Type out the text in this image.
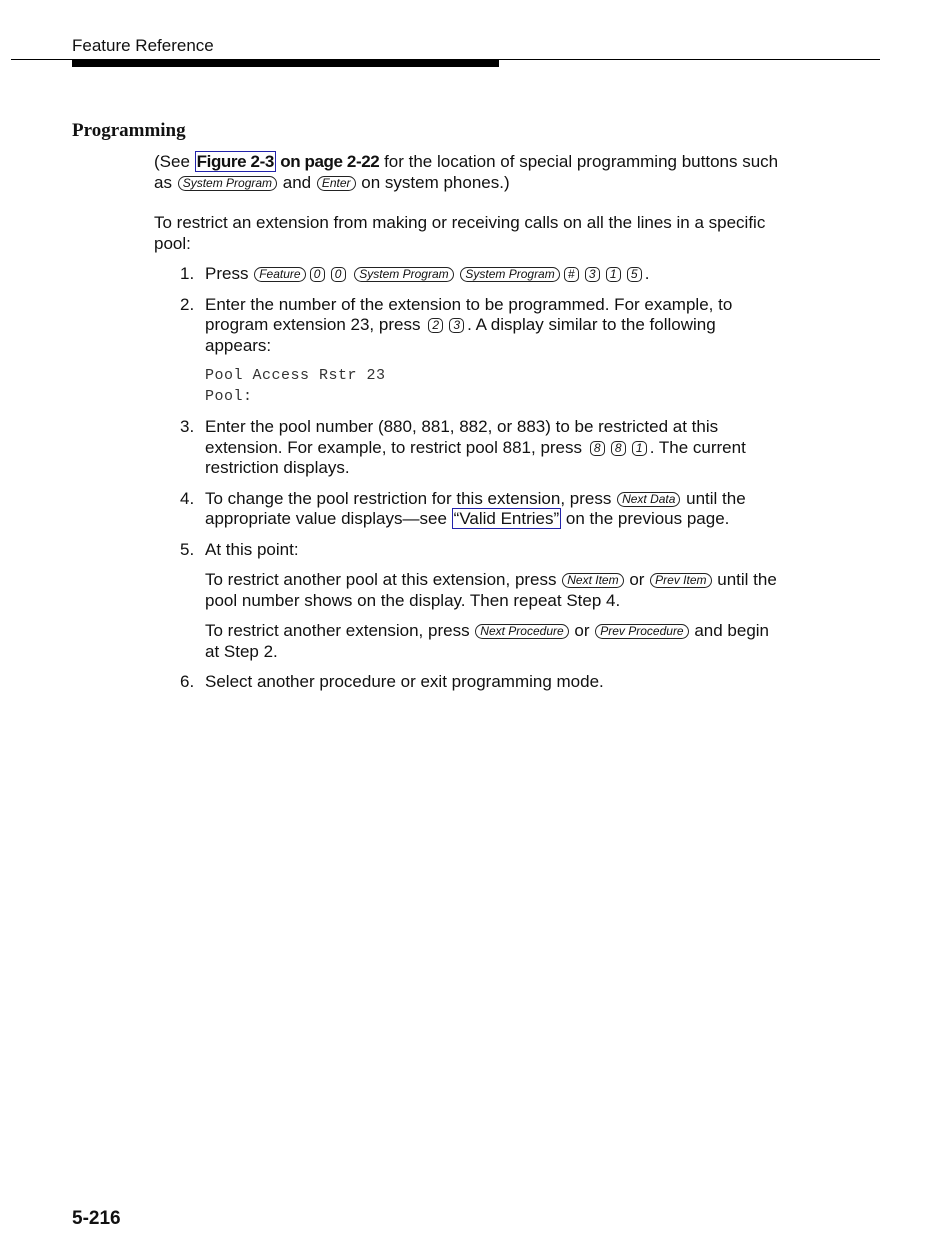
Feature Reference
Programming

(See Figure 2-3 on page 2-22 for the location of special programming buttons such as System Program and Enter on system phones.)

To restrict an extension from making or receiving calls on all the lines in a specific pool:

1. Press Feature 0 0 System Program System Program # 3 1 5 .
2. Enter the number of the extension to be programmed. For example, to program extension 23, press 2 3 . A display similar to the following appears:
Pool Access Rstr 23
Pool:
3. Enter the pool number (880, 881, 882, or 883) to be restricted at this extension. For example, to restrict pool 881, press 8 8 1 . The current restriction displays.
4. To change the pool restriction for this extension, press Next Data until the appropriate value displays—see “Valid Entries” on the previous page.
5. At this point:
To restrict another pool at this extension, press Next Item or Prev Item until the pool number shows on the display. Then repeat Step 4.
To restrict another extension, press Next Procedure or Prev Procedure and begin at Step 2.
6. Select another procedure or exit programming mode.
5-216
